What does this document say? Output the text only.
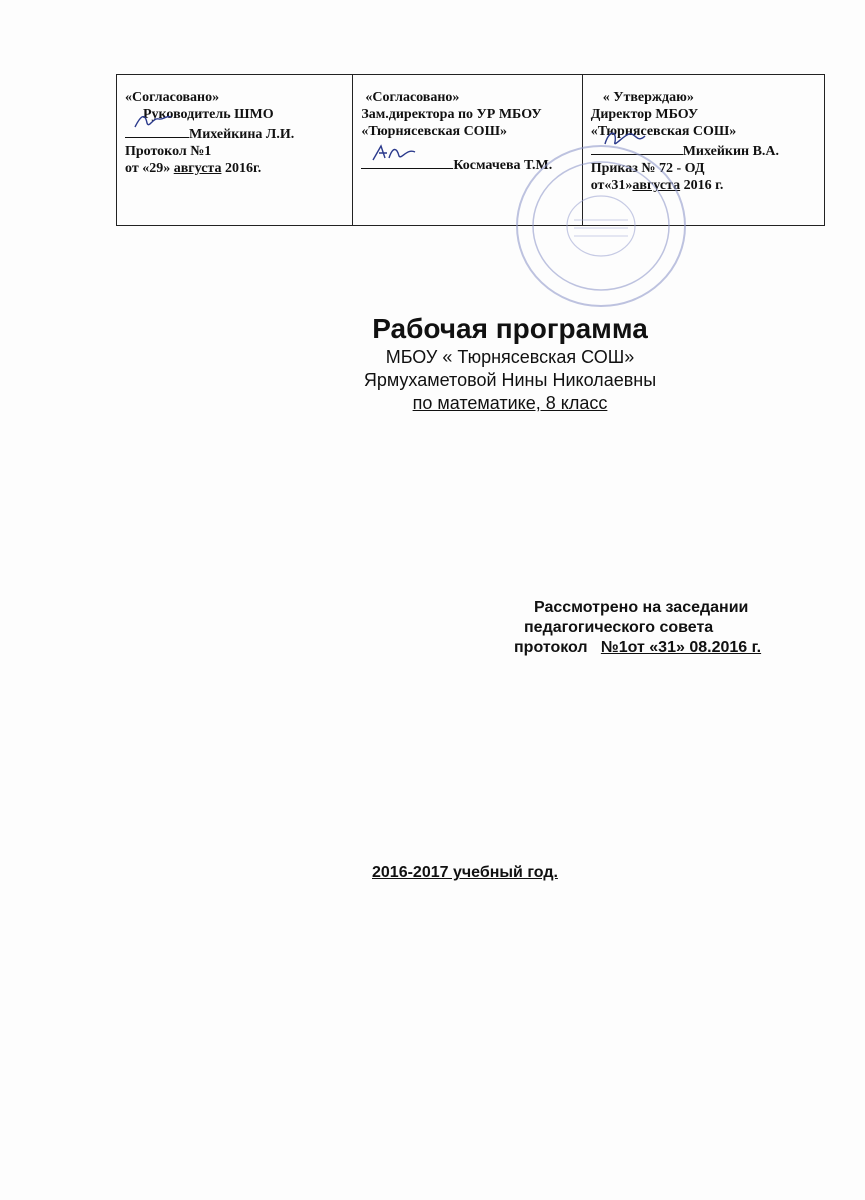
«Согласовано»
Руководитель ШМО
Михейкина Л.И.
Протокол №1
от «29» августа 2016г.
«Согласовано»
Зам.директора по УР МБОУ
«Тюрнясевская СОШ»
Космачева Т.М.
« Утверждаю»
Директор МБОУ
«Тюрнясевская СОШ»
Михейкин В.А.
Приказ № 72 - ОД
от«31»августа 2016 г.

Рабочая программа

МБОУ « Тюрнясевская СОШ»

Ярмухаметовой Нины Николаевны

по математике, 8 класс

Рассмотрено на заседании
педагогического совета
протокол   №1от «31» 08.2016 г.
2016-2017 учебный год.
